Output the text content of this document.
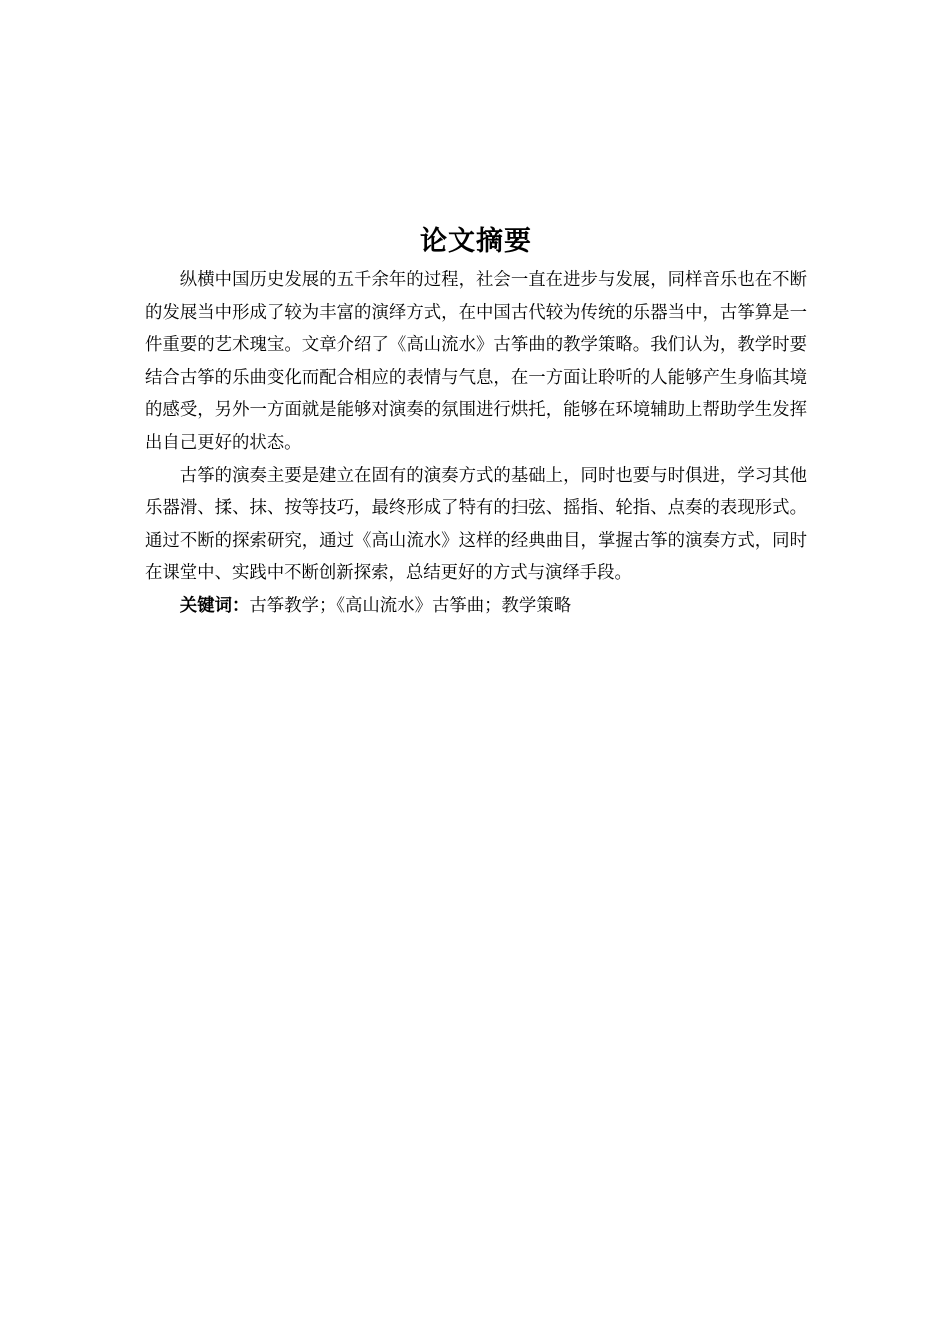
论文摘要

纵横中国历史发展的五千余年的过程，社会一直在进步与发展，同样音乐也在不断的发展当中形成了较为丰富的演绎方式，在中国古代较为传统的乐器当中，古筝算是一件重要的艺术瑰宝。文章介绍了《高山流水》古筝曲的教学策略。我们认为，教学时要结合古筝的乐曲变化而配合相应的表情与气息，在一方面让聆听的人能够产生身临其境的感受，另外一方面就是能够对演奏的氛围进行烘托，能够在环境辅助上帮助学生发挥出自己更好的状态。

古筝的演奏主要是建立在固有的演奏方式的基础上，同时也要与时俱进，学习其他乐器滑、揉、抹、按等技巧，最终形成了特有的扫弦、摇指、轮指、点奏的表现形式。通过不断的探索研究，通过《高山流水》这样的经典曲目，掌握古筝的演奏方式，同时在课堂中、实践中不断创新探索，总结更好的方式与演绎手段。

关键词：古筝教学；《高山流水》古筝曲；教学策略
